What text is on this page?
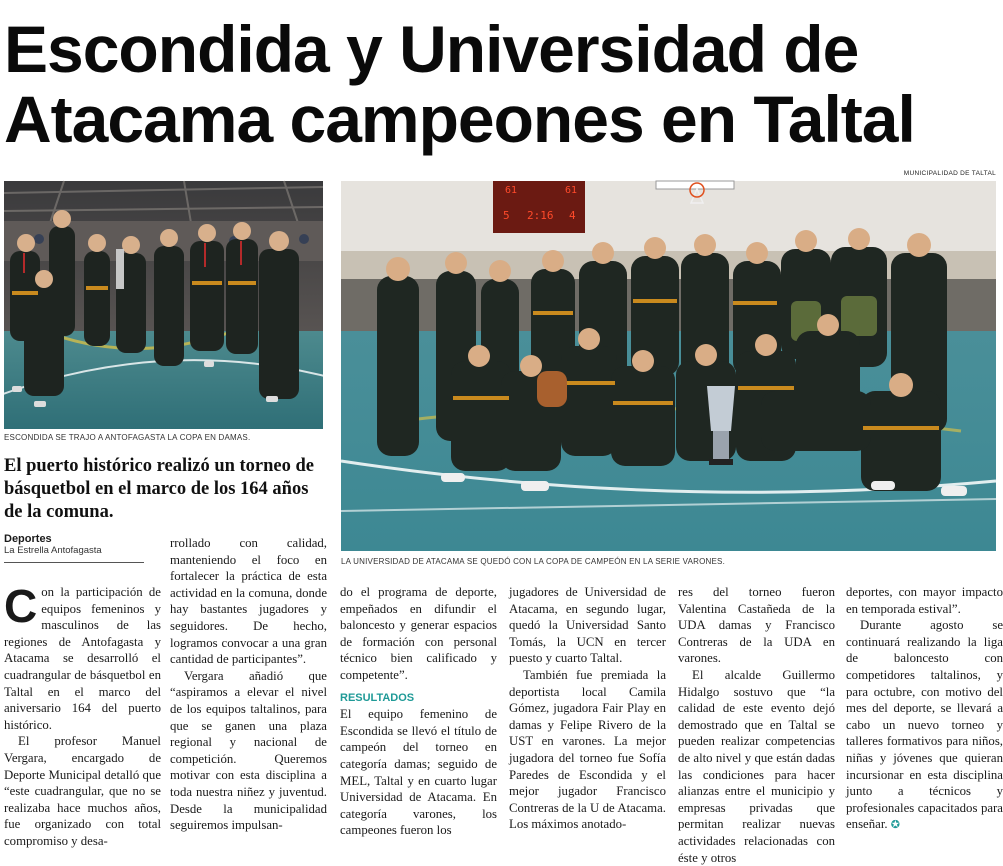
Escondida y Universidad de Atacama campeones en Taltal
MUNICIPALIDAD DE TALTAL
ESCONDIDA SE TRAJO A ANTOFAGASTA LA COPA EN DAMAS.
61	61
5 2:16 4
LA UNIVERSIDAD DE ATACAMA SE QUEDÓ CON LA COPA DE CAMPEÓN EN LA SERIE VARONES.
El puerto histórico realizó un torneo de básquetbol en el marco de los 164 años de la comuna.
Deportes
La Estrella Antofagasta

Con la participación de equipos femeninos y masculinos de las regiones de Antofagasta y Atacama se desarrolló el cuadrangular de básquetbol en Taltal en el marco del aniversario 164 del puerto histórico.

El profesor Manuel Vergara, encargado de Deporte Municipal detalló que “este cuadrangular, que no se realizaba hace muchos años, fue organizado con total compromiso y desa-

rrollado con calidad, manteniendo el foco en fortalecer la práctica de esta actividad en la comuna, donde hay bastantes jugadores y seguidores. De hecho, logramos convocar a una gran cantidad de participantes”.

Vergara añadió que “aspiramos a elevar el nivel de los equipos taltalinos, para que se ganen una plaza regional y nacional de competición. Queremos motivar con esta disciplina a toda nuestra niñez y juventud. Desde la municipalidad seguiremos impulsan-

do el programa de deporte, empeñados en difundir el baloncesto y generar espacios de formación con personal técnico bien calificado y competente”.

RESULTADOS

El equipo femenino de Escondida se llevó el título de campeón del torneo en categoría damas; seguido de MEL, Taltal y en cuarto lugar Universidad de Atacama. En categoría varones, los campeones fueron los

jugadores de Universidad de Atacama, en segundo lugar, quedó la Universidad Santo Tomás, la UCN en tercer puesto y cuarto Taltal.

También fue premiada la deportista local Camila Gómez, jugadora Fair Play en damas y Felipe Rivero de la UST en varones. La mejor jugadora del torneo fue Sofía Paredes de Escondida y el mejor jugador Francisco Contreras de la U de Atacama. Los máximos anotado-

res del torneo fueron Valentina Castañeda de la UDA damas y Francisco Contreras de la UDA en varones.

El alcalde Guillermo Hidalgo sostuvo que “la calidad de este evento dejó demostrado que en Taltal se pueden realizar competencias de alto nivel y que están dadas las condiciones para hacer alianzas entre el municipio y empresas privadas que permitan realizar nuevas actividades relacionadas con éste y otros

deportes, con mayor impacto en temporada estival”.

Durante agosto se continuará realizando la liga de baloncesto con competidores taltalinos, y para octubre, con motivo del mes del deporte, se llevará a cabo un nuevo torneo y talleres formativos para niños, niñas y jóvenes que quieran incursionar en esta disciplina junto a técnicos y profesionales capacitados para enseñar. ✪
